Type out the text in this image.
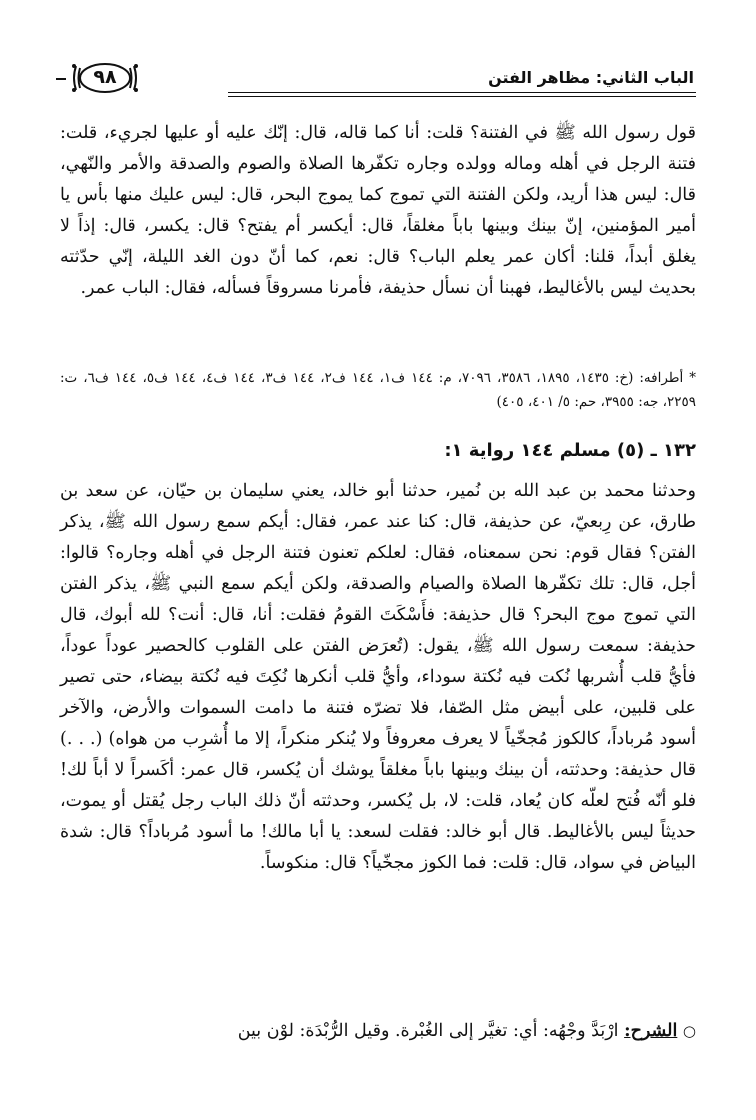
الباب الثاني: مظاهر الفتن
٩٨
قول رسول الله ﷺ في الفتنة؟ قلت: أنا كما قاله، قال: إنّك عليه أو عليها لجريء، قلت: فتنة الرجل في أهله وماله وولده وجاره تكفّرها الصلاة والصوم والصدقة والأمر والنّهي، قال: ليس هذا أريد، ولكن الفتنة التي تموج كما يموج البحر، قال: ليس عليك منها بأس يا أمير المؤمنين، إنّ بينك وبينها باباً مغلقاً، قال: أيكسر أم يفتح؟ قال: يكسر، قال: إذاً لا يغلق أبداً، قلنا: أكان عمر يعلم الباب؟ قال: نعم، كما أنّ دون الغد الليلة، إنّي حدّثته بحديث ليس بالأغاليط، فهبنا أن نسأل حذيفة، فأمرنا مسروقاً فسأله، فقال: الباب عمر.
* أطرافه: (خ: ١٤٣٥، ١٨٩٥، ٣٥٨٦، ٧٠٩٦، م: ١٤٤ ف١، ١٤٤ ف٢، ١٤٤ ف٣، ١٤٤ ف٤، ١٤٤ ف٥، ١٤٤ ف٦، ت: ٢٢٥٩، جه: ٣٩٥٥، حم: ٥/ ٤٠١، ٤٠٥)
١٣٢ ـ (٥) مسلم ١٤٤ رواية ١:
وحدثنا محمد بن عبد الله بن نُمير، حدثنا أبو خالد، يعني سليمان بن حيّان، عن سعد بن طارق، عن رِبعيّ، عن حذيفة، قال: كنا عند عمر، فقال: أيكم سمع رسول الله ﷺ، يذكر الفتن؟ فقال قوم: نحن سمعناه، فقال: لعلكم تعنون فتنة الرجل في أهله وجاره؟ قالوا: أجل، قال: تلك تكفّرها الصلاة والصيام والصدقة، ولكن أيكم سمع النبي ﷺ، يذكر الفتن التي تموج موج البحر؟ قال حذيفة: فأَسْكَتَ القومُ فقلت: أنا، قال: أنت؟ لله أبوك، قال حذيفة: سمعت رسول الله ﷺ، يقول: (تُعرَض الفتن على القلوب كالحصير عوداً عوداً، فأيُّ قلب أُشربها نُكت فيه نُكتة سوداء، وأيُّ قلب أنكرها نُكِتَ فيه نُكتة بيضاء، حتى تصير على قلبين، على أبيض مثل الصّفا، فلا تضرّه فتنة ما دامت السموات والأرض، والآخر أسود مُرباداً، كالكوز مُجخّياً لا يعرف معروفاً ولا يُنكر منكراً، إلا ما أُشرِب من هواه) (. . .) قال حذيفة: وحدثته، أن بينك وبينها باباً مغلقاً يوشك أن يُكسر، قال عمر: أكَسراً لا أباً لك! فلو أنّه فُتح لعلّه كان يُعاد، قلت: لا، بل يُكسر، وحدثته أنّ ذلك الباب رجل يُقتل أو يموت، حديثاً ليس بالأغاليط. قال أبو خالد: فقلت لسعد: يا أبا مالك! ما أسود مُرباداً؟ قال: شدة البياض في سواد، قال: قلت: فما الكوز مجخّياً؟ قال: منكوساً.
○ الشرح: ارْبَدَّ وجْهُه: أي: تغيَّر إلى الغُبْرة. وقيل الرُّبْدَة: لوْن بين
